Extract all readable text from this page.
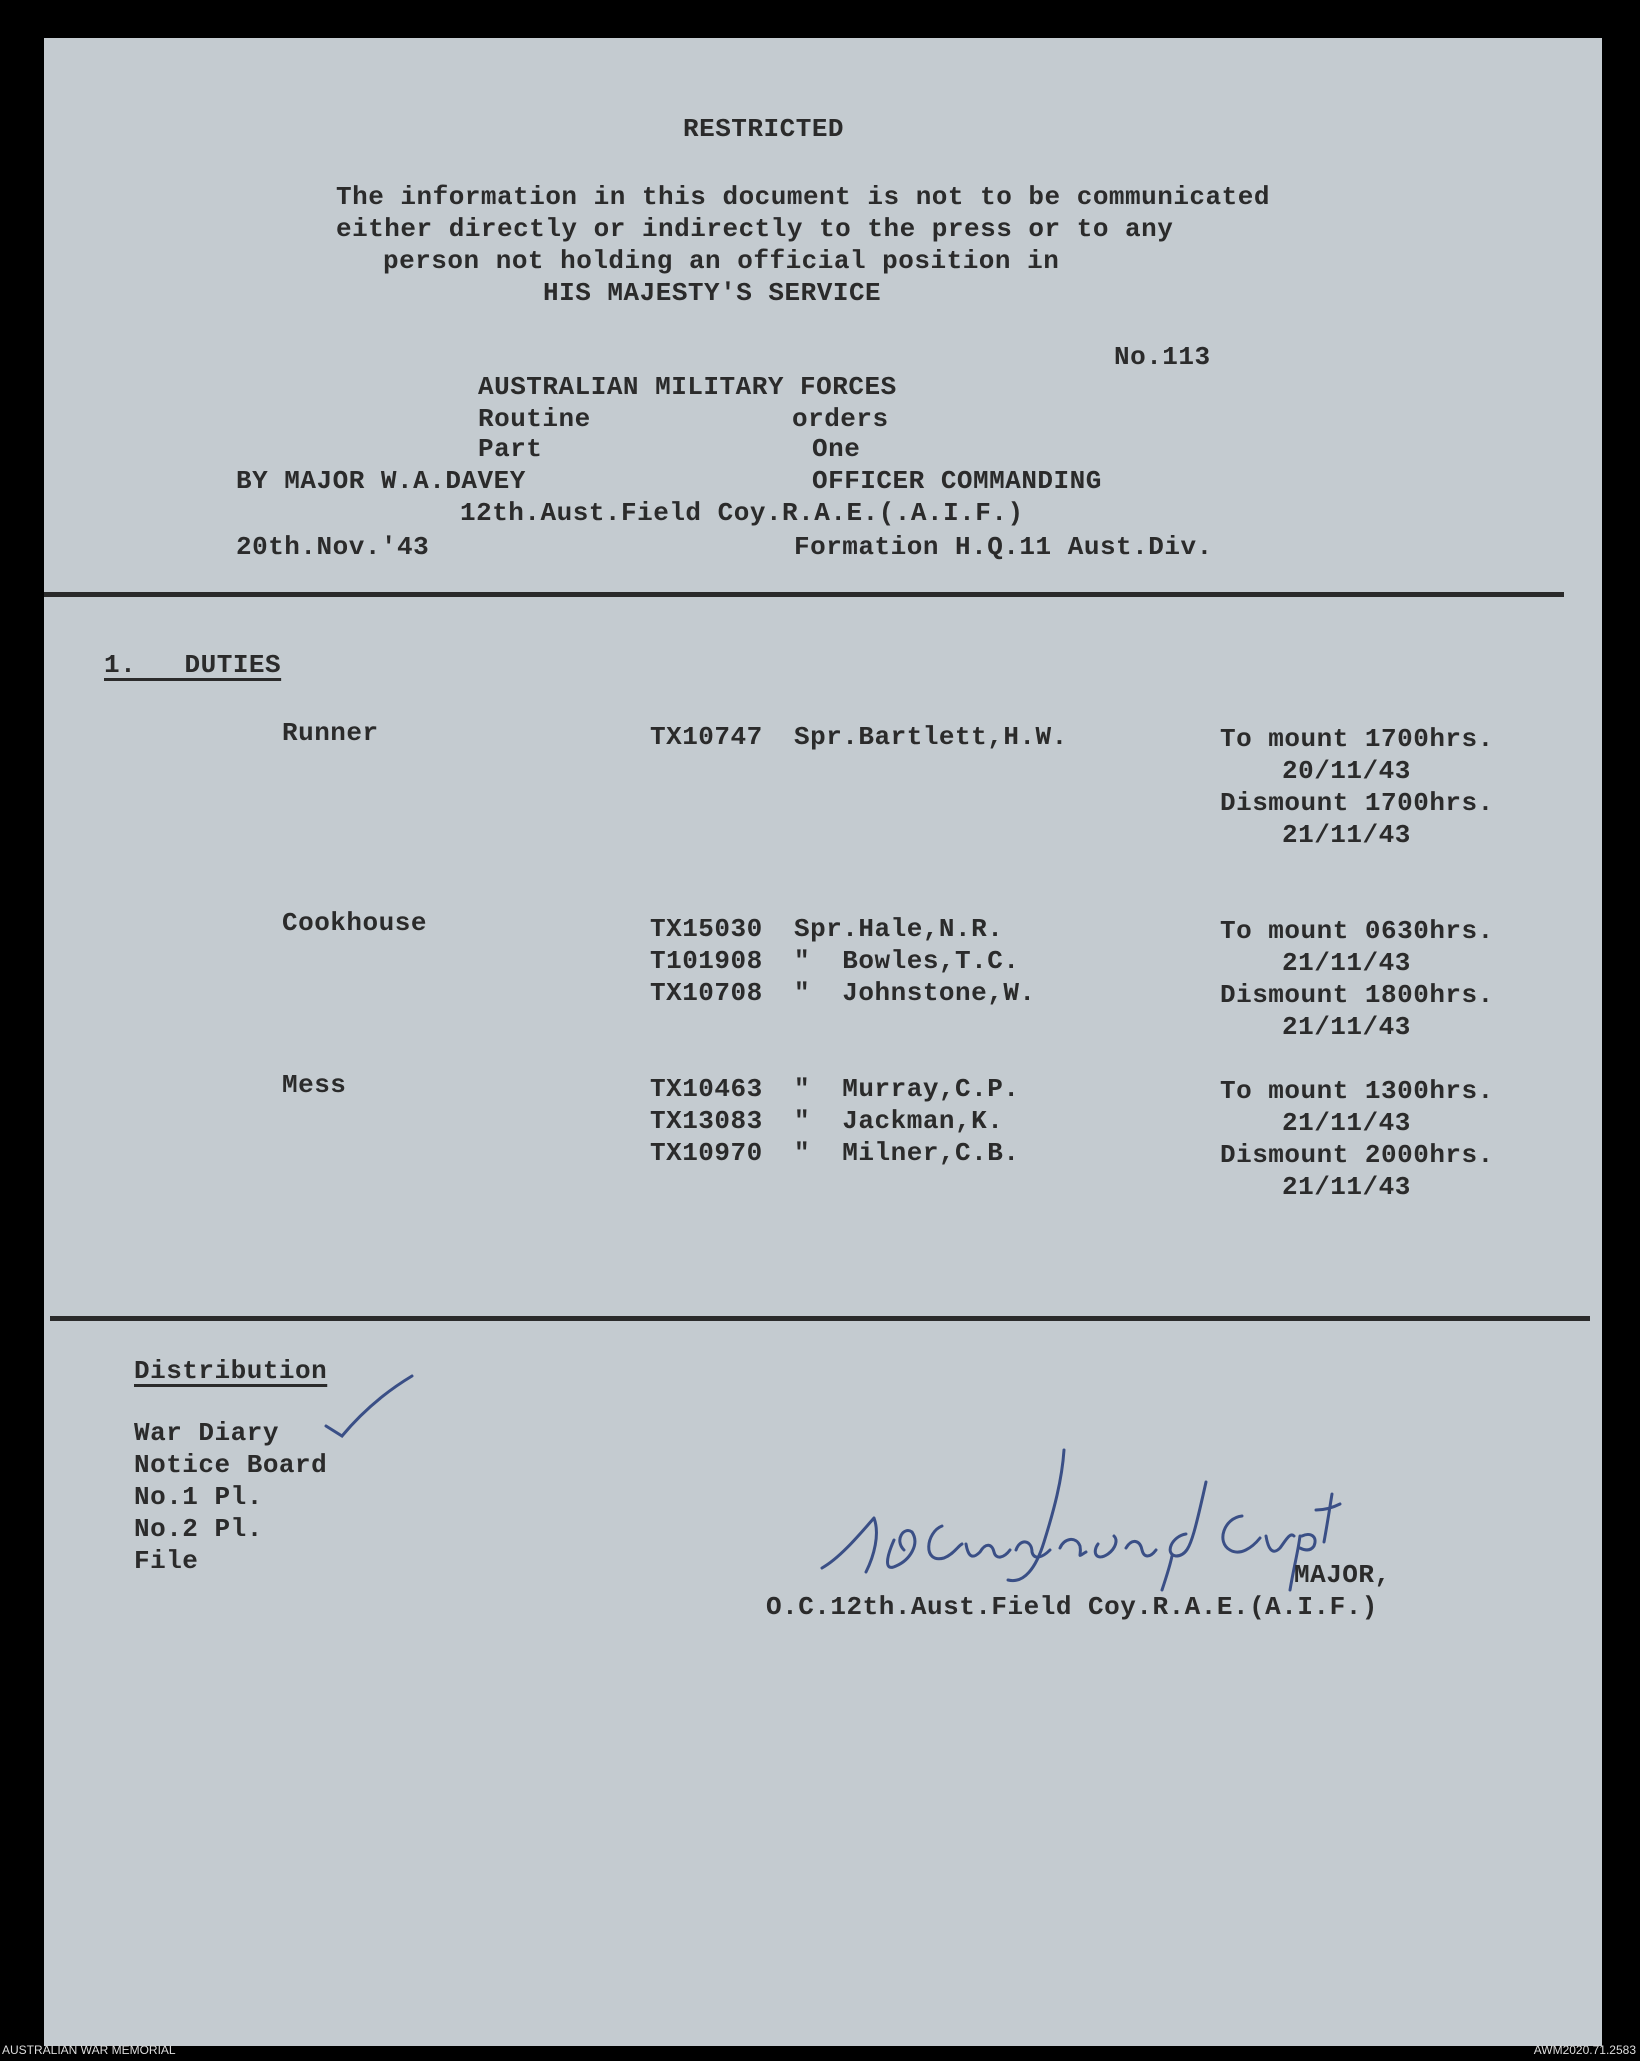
RESTRICTED
The information in this document is not to be communicated
either directly or indirectly to the press or to any
person not holding an official position in
HIS MAJESTY'S SERVICE
No.113
AUSTRALIAN MILITARY FORCES
Routine	orders
Part	One
BY MAJOR W.A.DAVEY	OFFICER COMMANDING
12th.Aust.Field Coy.R.A.E.(.A.I.F.)
20th.Nov.'43	Formation H.Q.11 Aust.Div.
1.   DUTIES
Runner	TX10747 Spr.Bartlett,H.W.	To mount 1700hrs.
20/11/43
Dismount 1700hrs.
21/11/43
Cookhouse	TX15030 Spr.Hale,N.R.
T101908 "  Bowles,T.C.
TX10708 "  Johnstone,W.
To mount 0630hrs.
21/11/43
Dismount 1800hrs.
21/11/43
Mess	TX10463 "  Murray,C.P.
TX13083 "  Jackman,K.
TX10970 "  Milner,C.B.
To mount 1300hrs.
21/11/43
Dismount 2000hrs.
21/11/43
Distribution
War Diary
Notice Board
No.1 Pl.
No.2 Pl.
File	MAJOR,
O.C.12th.Aust.Field Coy.R.A.E.(A.I.F.)
AUSTRALIAN WAR MEMORIAL	AWM2020.71.2583
